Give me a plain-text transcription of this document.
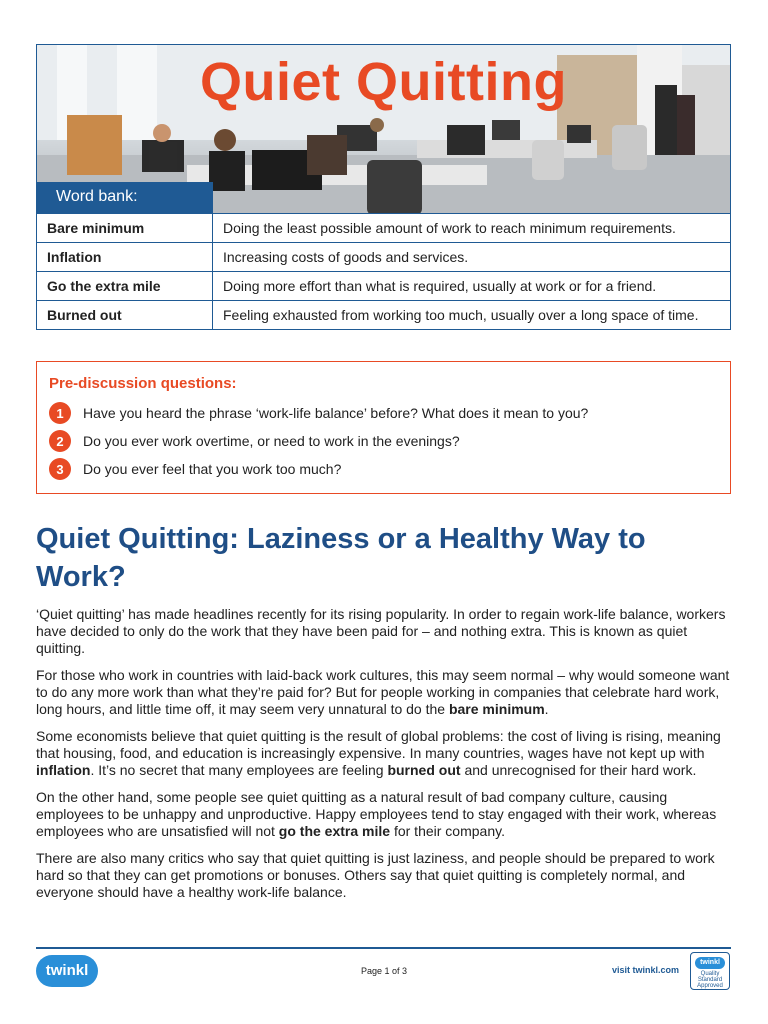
Quiet Quitting
Word bank:
Bare minimum	Doing the least possible amount of work to reach minimum requirements.
Inflation	Increasing costs of goods and services.
Go the extra mile	Doing more effort than what is required, usually at work or for a friend.
Burned out	Feeling exhausted from working too much, usually over a long space of time.
Pre-discussion questions:
1	Have you heard the phrase ‘work-life balance’ before? What does it mean to you?
2	Do you ever work overtime, or need to work in the evenings?
3	Do you ever feel that you work too much?
Quiet Quitting: Laziness or a Healthy Way to Work?

‘Quiet quitting’ has made headlines recently for its rising popularity. In order to regain work-life balance, workers have decided to only do the work that they have been paid for – and nothing extra. This is known as quiet quitting.

For those who work in countries with laid-back work cultures, this may seem normal – why would someone want to do any more work than what they’re paid for? But for people working in companies that celebrate hard work, long hours, and little time off, it may seem very unnatural to do the bare minimum.

Some economists believe that quiet quitting is the result of global problems: the cost of living is rising, meaning that housing, food, and education is increasingly expensive. In many countries, wages have not kept up with inflation. It’s no secret that many employees are feeling burned out and unrecognised for their hard work.

On the other hand, some people see quiet quitting as a natural result of bad company culture, causing employees to be unhappy and unproductive. Happy employees tend to stay engaged with their work, whereas employees who are unsatisfied will not go the extra mile for their company.

There are also many critics who say that quiet quitting is just laziness, and people should be prepared to work hard so that they can get promotions or bonuses. Others say that quiet quitting is completely normal, and everyone should have a healthy work-life balance.

twinkl	Page 1 of 3	visit twinkl.com
twinkl
Quality Standard Approved
